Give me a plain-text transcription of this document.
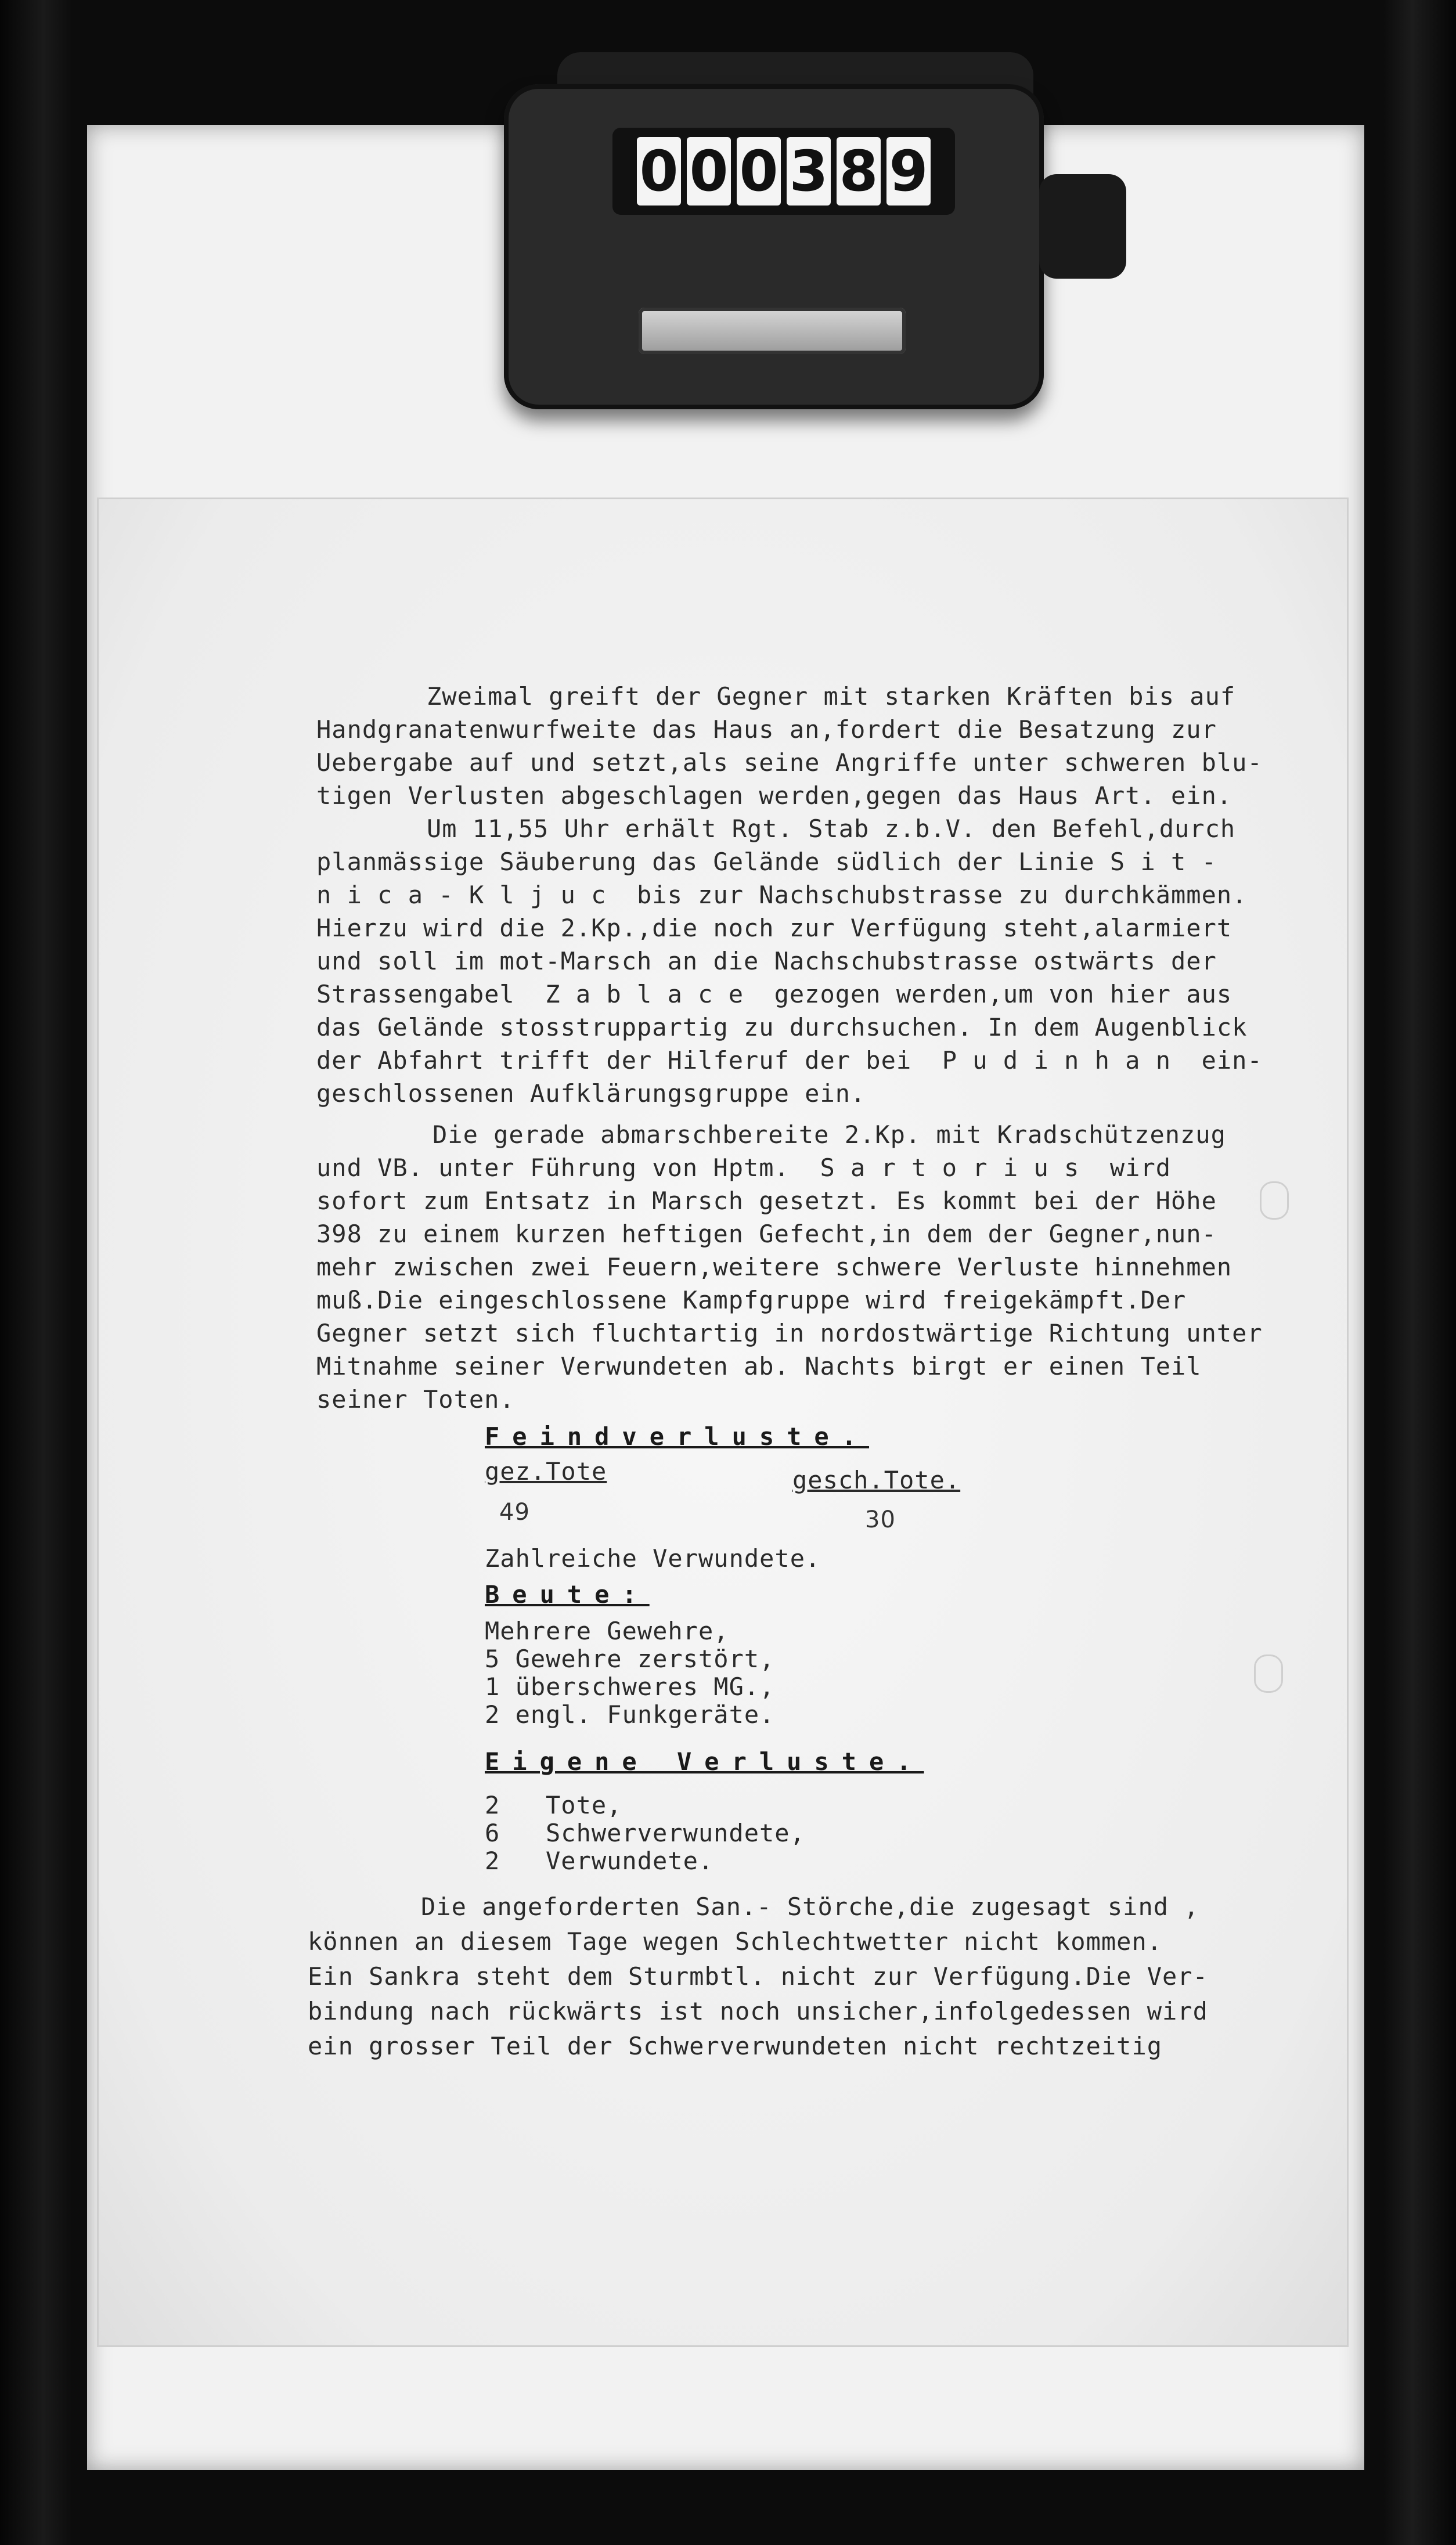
0 0 0 3 8 9
Zweimal greift der Gegner mit starken Kräften bis auf
Handgranatenwurfweite das Haus an,fordert die Besatzung zur
Uebergabe auf und setzt,als seine Angriffe unter schweren blu-
tigen Verlusten abgeschlagen werden,gegen das Haus Art. ein.
Um 11,55 Uhr erhält Rgt. Stab z.b.V. den Befehl,durch
planmässige Säuberung das Gelände südlich der Linie S i t -
n i c a - K l j u c  bis zur Nachschubstrasse zu durchkämmen.
Hierzu wird die 2.Kp.,die noch zur Verfügung steht,alarmiert
und soll im mot-Marsch an die Nachschubstrasse ostwärts der
Strassengabel  Z a b l a c e  gezogen werden,um von hier aus
das Gelände stosstruppartig zu durchsuchen. In dem Augenblick
der Abfahrt trifft der Hilferuf der bei  P u d i n h a n  ein-
geschlossenen Aufklärungsgruppe ein.
Die gerade abmarschbereite 2.Kp. mit Kradschützenzug
und VB. unter Führung von Hptm.  S a r t o r i u s  wird
sofort zum Entsatz in Marsch gesetzt. Es kommt bei der Höhe
398 zu einem kurzen heftigen Gefecht,in dem der Gegner,nun-
mehr zwischen zwei Feuern,weitere schwere Verluste hinnehmen
muß.Die eingeschlossene Kampfgruppe wird freigekämpft.Der
Gegner setzt sich fluchtartig in nordostwärtige Richtung unter
Mitnahme seiner Verwundeten ab. Nachts birgt er einen Teil
seiner Toten.
Feindverluste.
gez.Tote	gesch.Tote.
49	30
Zahlreiche Verwundete.
Beute:
Mehrere Gewehre,
5 Gewehre zerstört,
1 überschweres MG.,
2 engl. Funkgeräte.
Eigene Verluste.
2 Tote,
6 Schwerverwundete,
2 Verwundete.
Die angeforderten San.- Störche,die zugesagt sind ,
können an diesem Tage wegen Schlechtwetter nicht kommen.
Ein Sankra steht dem Sturmbtl. nicht zur Verfügung.Die Ver-
bindung nach rückwärts ist noch unsicher,infolgedessen wird
ein grosser Teil der Schwerverwundeten nicht rechtzeitig
